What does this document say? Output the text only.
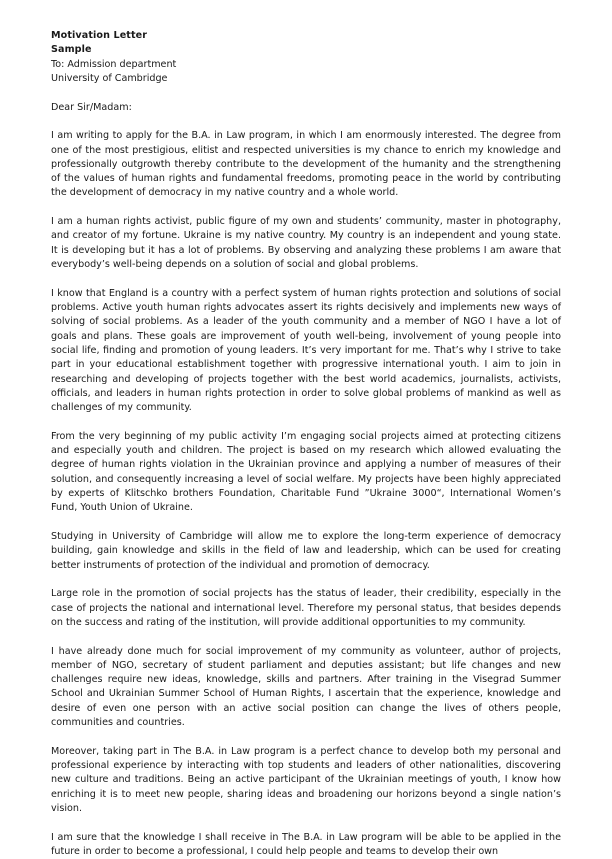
Motivation Letter
Sample
To: Admission department
University of Cambridge
Dear Sir/Madam:

I am writing to apply for the B.A. in Law program, in which I am enormously interested. The degree from one of the most prestigious, elitist and respected universities is my chance to enrich my knowledge and professionally outgrowth thereby contribute to the development of the humanity and the strengthening of the values of human rights and fundamental freedoms, promoting peace in the world by contributing the development of democracy in my native country and a whole world.

I am a human rights activist, public figure of my own and students’ community, master in photography, and creator of my fortune. Ukraine is my native country. My country is an independent and young state. It is developing but it has a lot of problems. By observing and analyzing these problems I am aware that everybody’s well-being depends on a solution of social and global problems.

I know that England is a country with a perfect system of human rights protection and solutions of social problems. Active youth human rights advocates assert its rights decisively and implements new ways of solving of social problems. As a leader of the youth community and a member of NGO I have a lot of goals and plans. These goals are improvement of youth well-being, involvement of young people into social life, finding and promotion of young leaders. It’s very important for me. That’s why I strive to take part in your educational establishment together with progressive international youth. I aim to join in researching and developing of projects together with the best world academics, journalists, activists, officials, and leaders in human rights protection in order to solve global problems of mankind as well as challenges of my community.

From the very beginning of my public activity I’m engaging social projects aimed at protecting citizens and especially youth and children. The project is based on my research which allowed evaluating the degree of human rights violation in the Ukrainian province and applying a number of measures of their solution, and consequently increasing a level of social welfare. My projects have been highly appreciated by experts of Klitschko brothers Foundation, Charitable Fund ”Ukraine 3000“, International Women’s Fund, Youth Union of Ukraine.

Studying in University of Cambridge will allow me to explore the long-term experience of democracy building, gain knowledge and skills in the field of law and leadership, which can be used for creating better instruments of protection of the individual and promotion of democracy.

Large role in the promotion of social projects has the status of leader, their credibility, especially in the case of projects the national and international level. Therefore my personal status, that besides depends on the success and rating of the institution, will provide additional opportunities to my community.

I have already done much for social improvement of my community as volunteer, author of projects, member of NGO, secretary of student parliament and deputies assistant; but life changes and new challenges require new ideas, knowledge, skills and partners. After training in the Visegrad Summer School and Ukrainian Summer School of Human Rights, I ascertain that the experience, knowledge and desire of even one person with an active social position can change the lives of others people, communities and countries.

Moreover, taking part in The B.A. in Law program is a perfect chance to develop both my personal and professional experience by interacting with top students and leaders of other nationalities, discovering new culture and traditions. Being an active participant of the Ukrainian meetings of youth, I know how enriching it is to meet new people, sharing ideas and broadening our horizons beyond a single nation’s vision.

I am sure that the knowledge I shall receive in The B.A. in Law program will be able to be applied in the future in order to become a professional, I could help people and teams to develop their own
